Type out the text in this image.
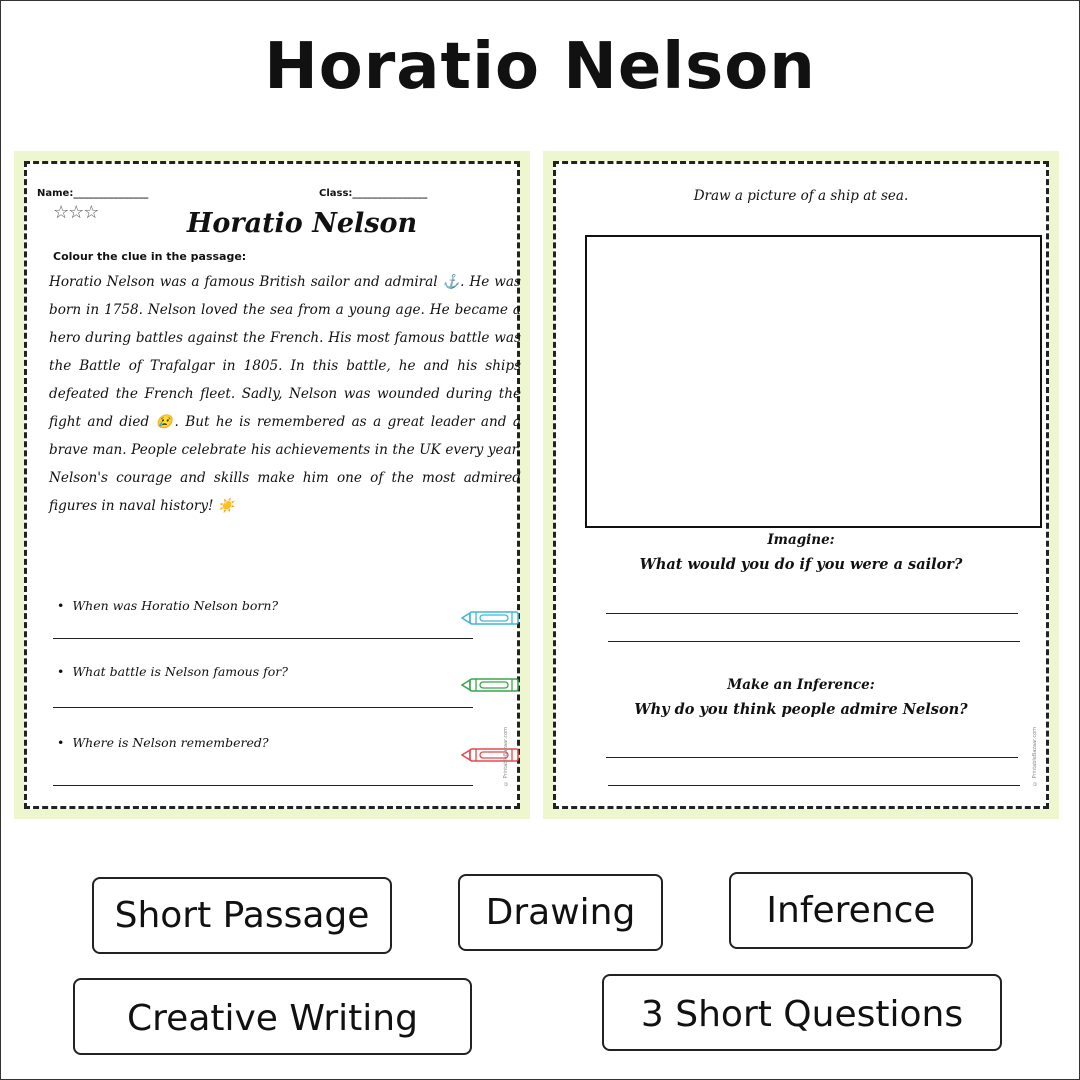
Horatio Nelson
Name:_______________	Class:_______________
☆☆☆	Horatio Nelson
Colour the clue in the passage:
Horatio Nelson was a famous British sailor and admiral ⚓. He was born in 1758. Nelson loved the sea from a young age. He became a hero during battles against the French. His most famous battle was the Battle of Trafalgar in 1805. In this battle, he and his ships defeated the French fleet. Sadly, Nelson was wounded during the fight and died 😢. But he is remembered as a great leader and a brave man. People celebrate his achievements in the UK every year. Nelson's courage and skills make him one of the most admired figures in naval history! ☀️
•  When was Horatio Nelson born?
•  What battle is Nelson famous for?
•  Where is Nelson remembered?	© PrintableBazaar.com
Draw a picture of a ship at sea.
Imagine:
What would you do if you were a sailor?
Make an Inference:
Why do you think people admire Nelson?
© PrintableBazaar.com
Short Passage	Drawing	Inference
Creative Writing	3 Short Questions
